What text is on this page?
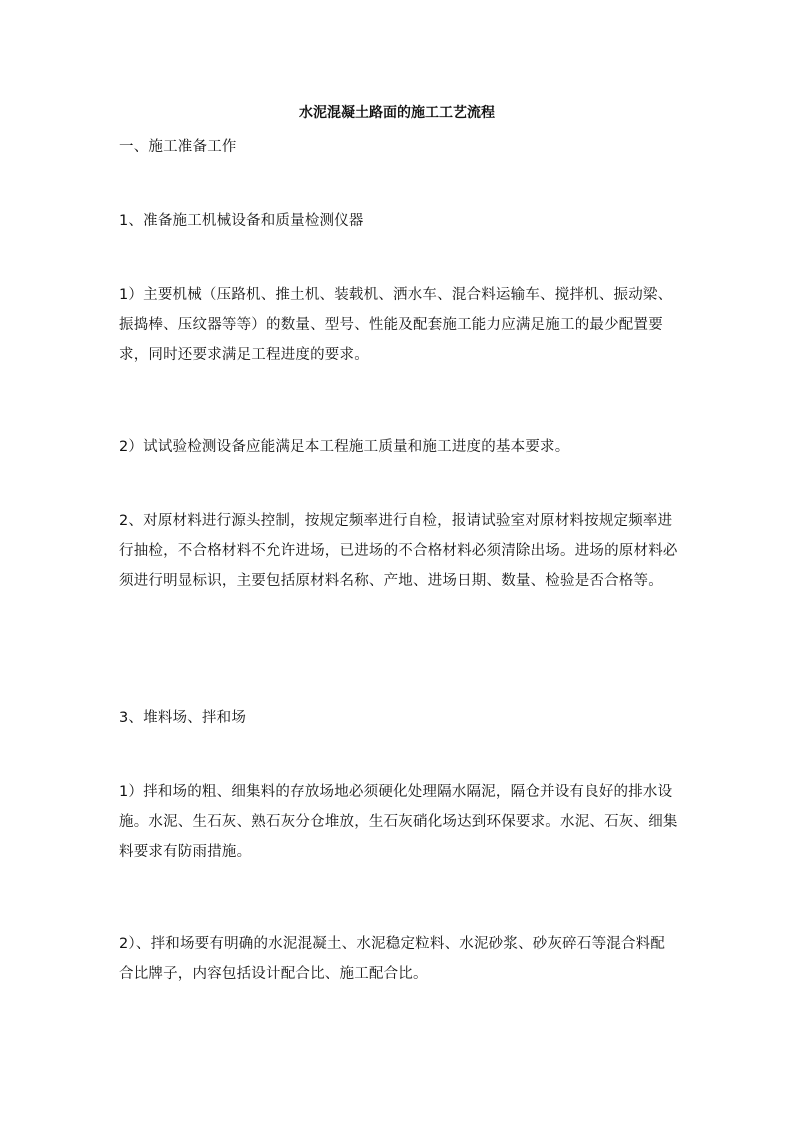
水泥混凝土路面的施工工艺流程

一、施工准备工作

1、准备施工机械设备和质量检测仪器

1）主要机械（压路机、推土机、装载机、洒水车、混合料运输车、搅拌机、振动梁、振捣棒、压纹器等等）的数量、型号、性能及配套施工能力应满足施工的最少配置要求，同时还要求满足工程进度的要求。

2）试试验检测设备应能满足本工程施工质量和施工进度的基本要求。

2、对原材料进行源头控制，按规定频率进行自检，报请试验室对原材料按规定频率进行抽检，不合格材料不允许进场，已进场的不合格材料必须清除出场。进场的原材料必须进行明显标识，主要包括原材料名称、产地、进场日期、数量、检验是否合格等。

3、堆料场、拌和场

1）拌和场的粗、细集料的存放场地必须硬化处理隔水隔泥，隔仓并设有良好的排水设施。水泥、生石灰、熟石灰分仓堆放，生石灰硝化场达到环保要求。水泥、石灰、细集料要求有防雨措施。

2）、拌和场要有明确的水泥混凝土、水泥稳定粒料、水泥砂浆、砂灰碎石等混合料配合比牌子，内容包括设计配合比、施工配合比。
